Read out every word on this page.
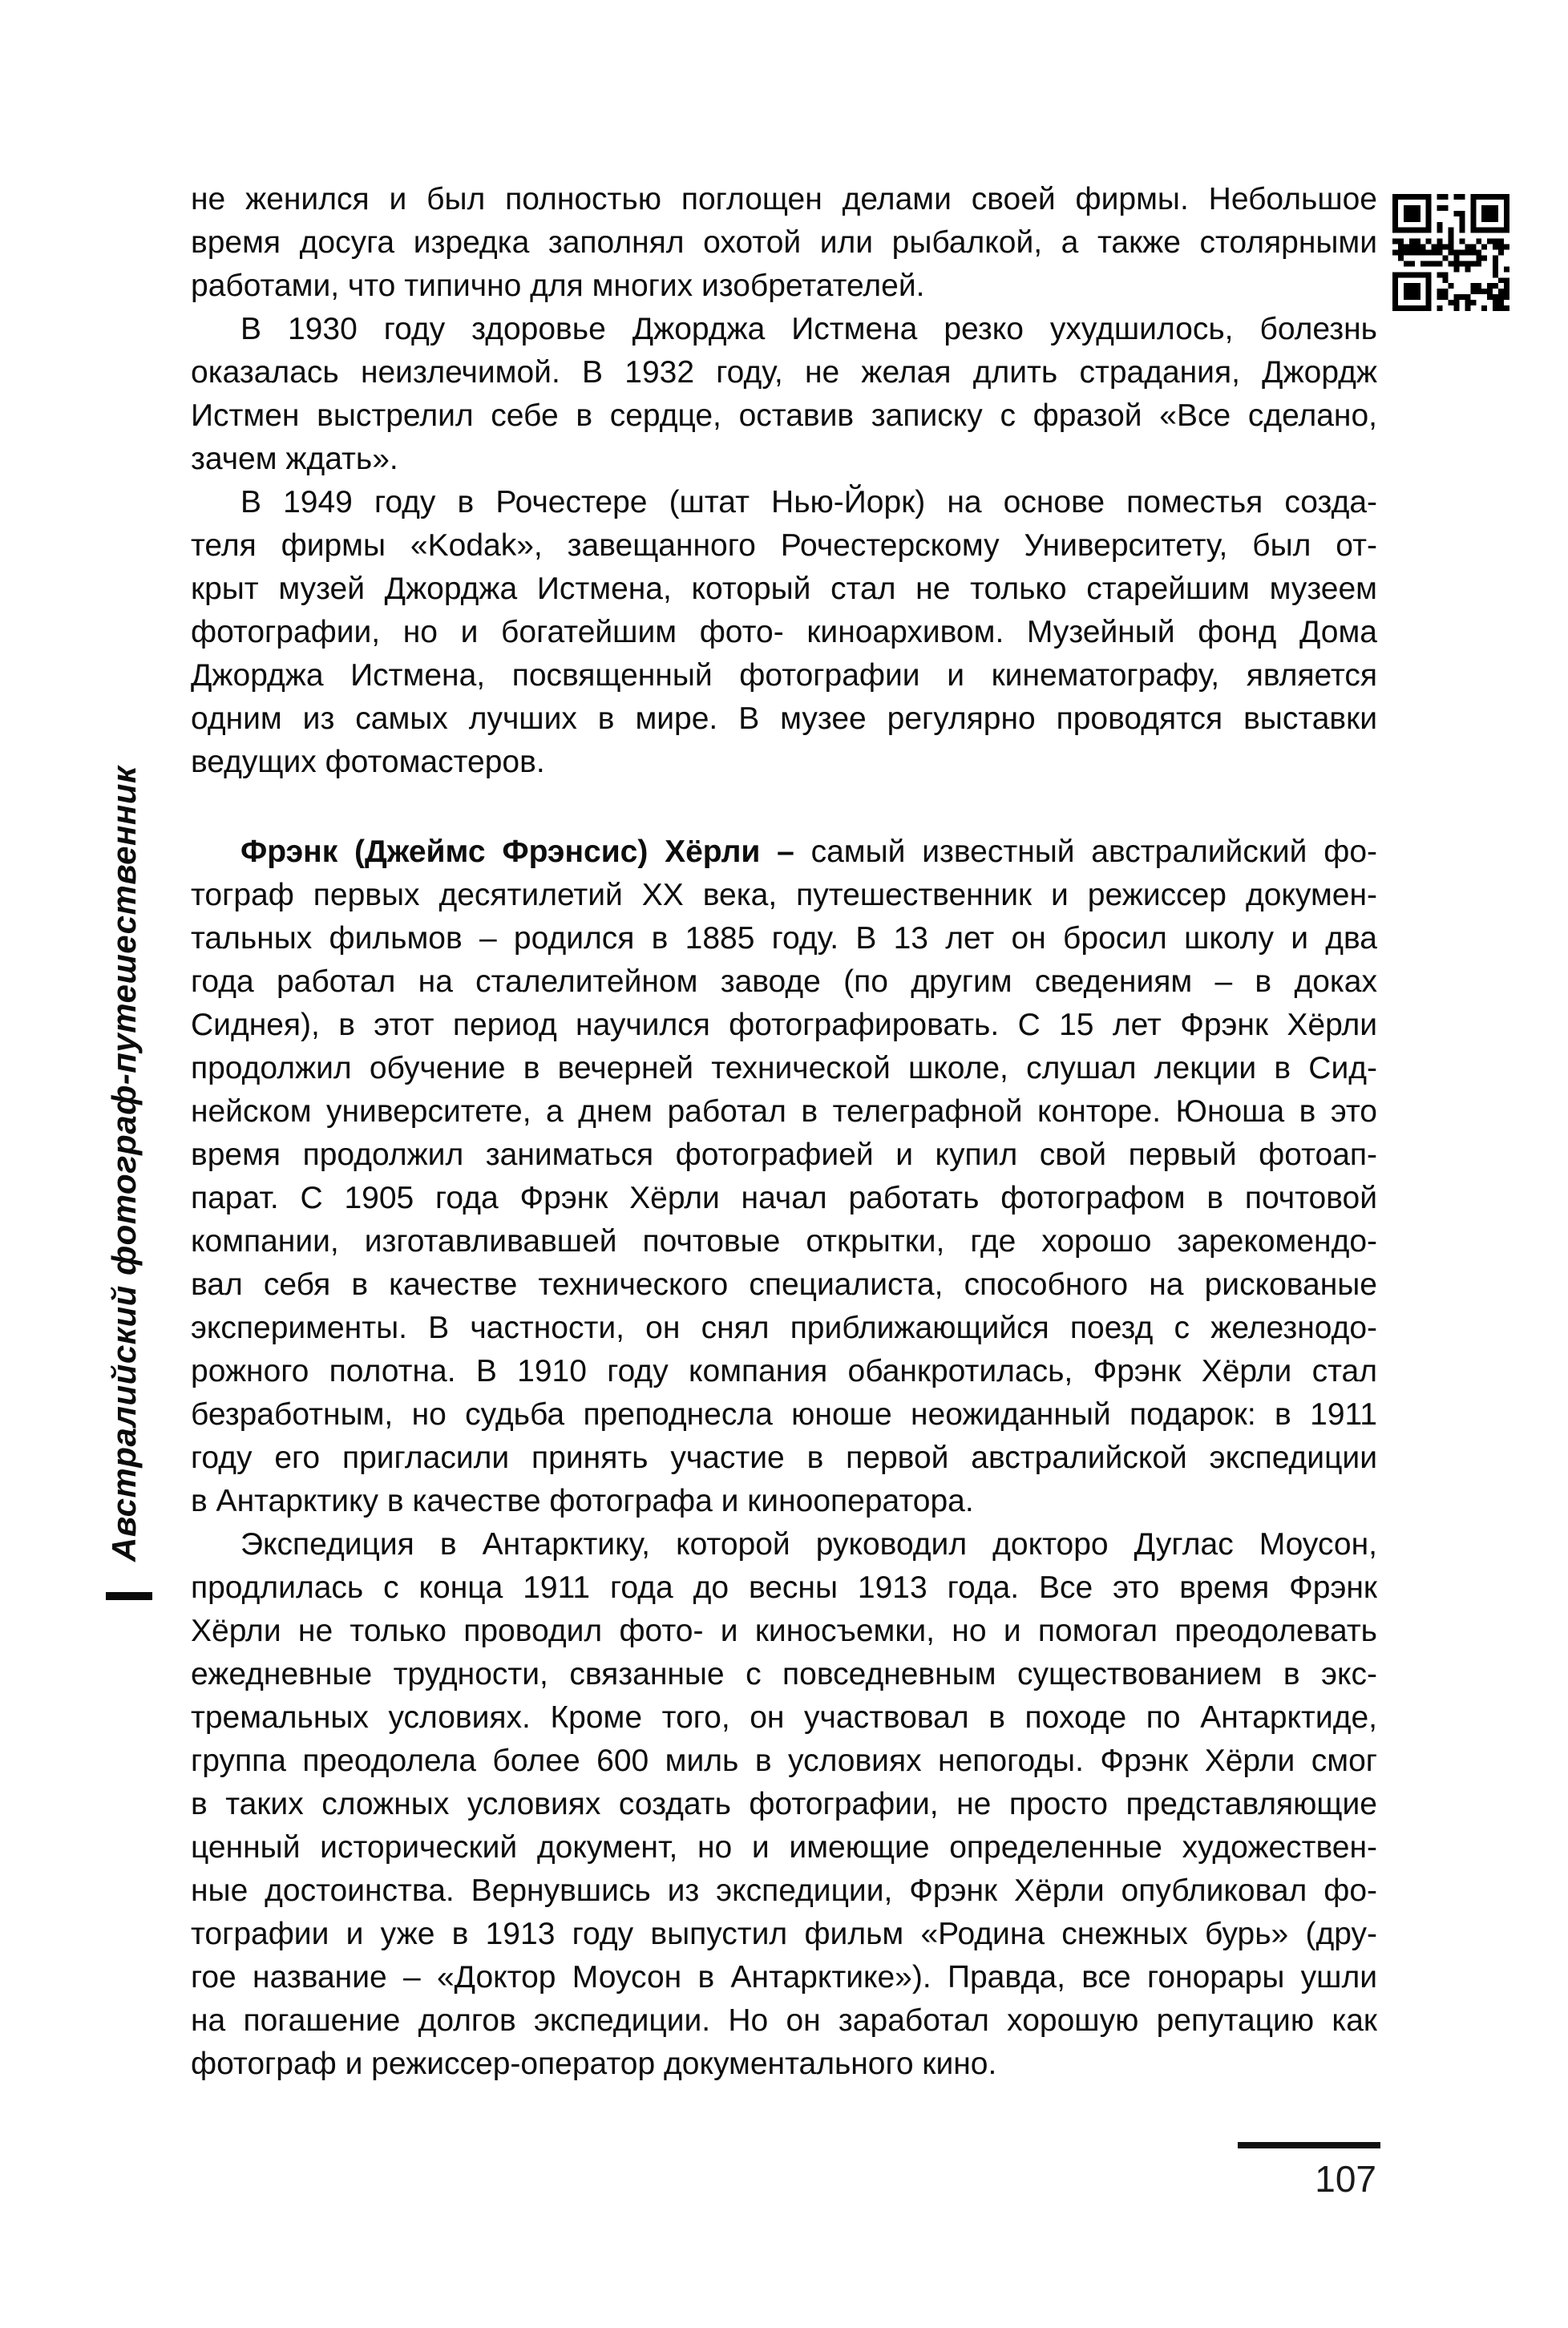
Австралийский фотограф-путешественник
не женился и был полностью поглощен делами своей фирмы. Небольшое
время досуга изредка заполнял охотой или рыбалкой, а также столярными
работами, что типично для многих изобретателей.
В 1930 году здоровье Джорджа Истмена резко ухудшилось, болезнь
оказалась неизлечимой. В 1932 году, не желая длить страдания, Джордж
Истмен выстрелил себе в сердце, оставив записку с фразой «Все сделано,
зачем ждать».
В 1949 году в Рочестере (штат Нью-Йорк) на основе поместья созда-
теля фирмы «Kodak», завещанного Рочестерскому Университету, был от-
крыт музей Джорджа Истмена, который стал не только старейшим музеем
фотографии, но и богатейшим фото- киноархивом. Музейный фонд Дома
Джорджа Истмена, посвященный фотографии и кинематографу, является
одним из самых лучших в мире. В музее регулярно проводятся выставки
ведущих фотомастеров.
Фрэнк (Джеймс Фрэнсис) Хёрли – самый известный австралийский фо-
тограф первых десятилетий ХХ века, путешественник и режиссер докумен-
тальных фильмов – родился в 1885 году. В 13 лет он бросил школу и два
года работал на сталелитейном заводе (по другим сведениям – в доках
Сиднея), в этот период научился фотографировать. С 15 лет Фрэнк Хёрли
продолжил обучение в вечерней технической школе, слушал лекции в Сид-
нейском университете, а днем работал в телеграфной конторе. Юноша в это
время продолжил заниматься фотографией и купил свой первый фотоап-
парат. С 1905 года Фрэнк Хёрли начал работать фотографом в почтовой
компании, изготавливавшей почтовые открытки, где хорошо зарекомендо-
вал себя в качестве технического специалиста, способного на рискованые
эксперименты. В частности, он снял приближающийся поезд с железнодо-
рожного полотна. В 1910 году компания обанкротилась, Фрэнк Хёрли стал
безработным, но судьба преподнесла юноше неожиданный подарок: в 1911
году его пригласили принять участие в первой австралийской экспедиции
в Антарктику в качестве фотографа и кинооператора.
Экспедиция в Антарктику, которой руководил докторо Дуглас Моусон,
продлилась с конца 1911 года до весны 1913 года. Все это время Фрэнк
Хёрли не только проводил фото- и киносъемки, но и помогал преодолевать
ежедневные трудности, связанные с повседневным существованием в экс-
тремальных условиях. Кроме того, он участвовал в походе по Антарктиде,
группа преодолела более 600 миль в условиях непогоды. Фрэнк Хёрли смог
в таких сложных условиях создать фотографии, не просто представляющие
ценный исторический документ, но и имеющие определенные художествен-
ные достоинства. Вернувшись из экспедиции, Фрэнк Хёрли опубликовал фо-
тографии и уже в 1913 году выпустил фильм «Родина снежных бурь» (дру-
гое название – «Доктор Моусон в Антарктике»). Правда, все гонорары ушли
на погашение долгов экспедиции. Но он заработал хорошую репутацию как
фотограф и режиссер-оператор документального кино.
107
